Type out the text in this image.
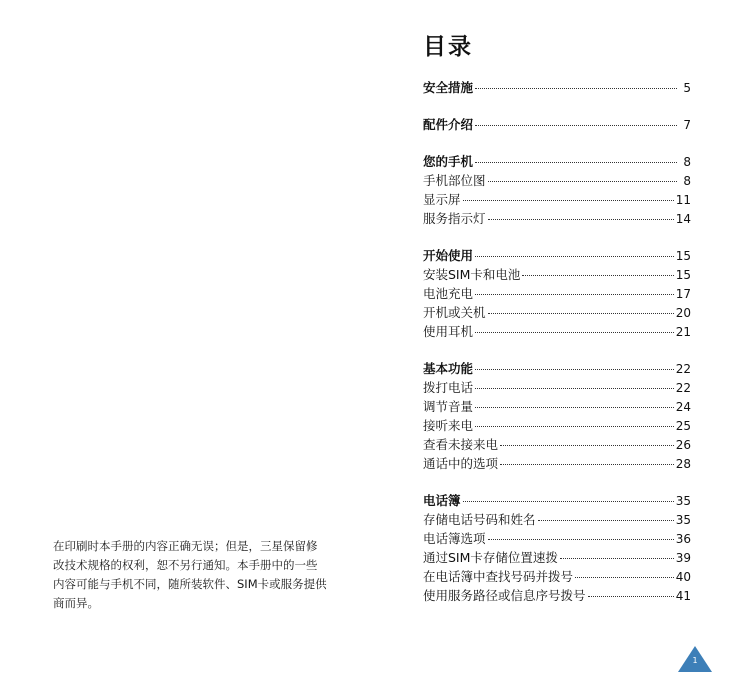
在印刷时本手册的内容正确无误；但是，三星保留修
改技术规格的权利，恕不另行通知。本手册中的一些
内容可能与手机不同，随所装软件、SIM卡或服务提供
商而异。
目录
安全措施	5
配件介绍	7
您的手机	8
手机部位图	8
显示屏	11
服务指示灯	14
开始使用	15
安装SIM卡和电池	15
电池充电	17
开机或关机	20
使用耳机	21
基本功能	22
拨打电话	22
调节音量	24
接听来电	25
查看未接来电	26
通话中的选项	28
电话簿	35
存储电话号码和姓名	35
电话簿选项	36
通过SIM卡存储位置速拨	39
在电话簿中查找号码并拨号	40
使用服务路径或信息序号拨号	41
1
